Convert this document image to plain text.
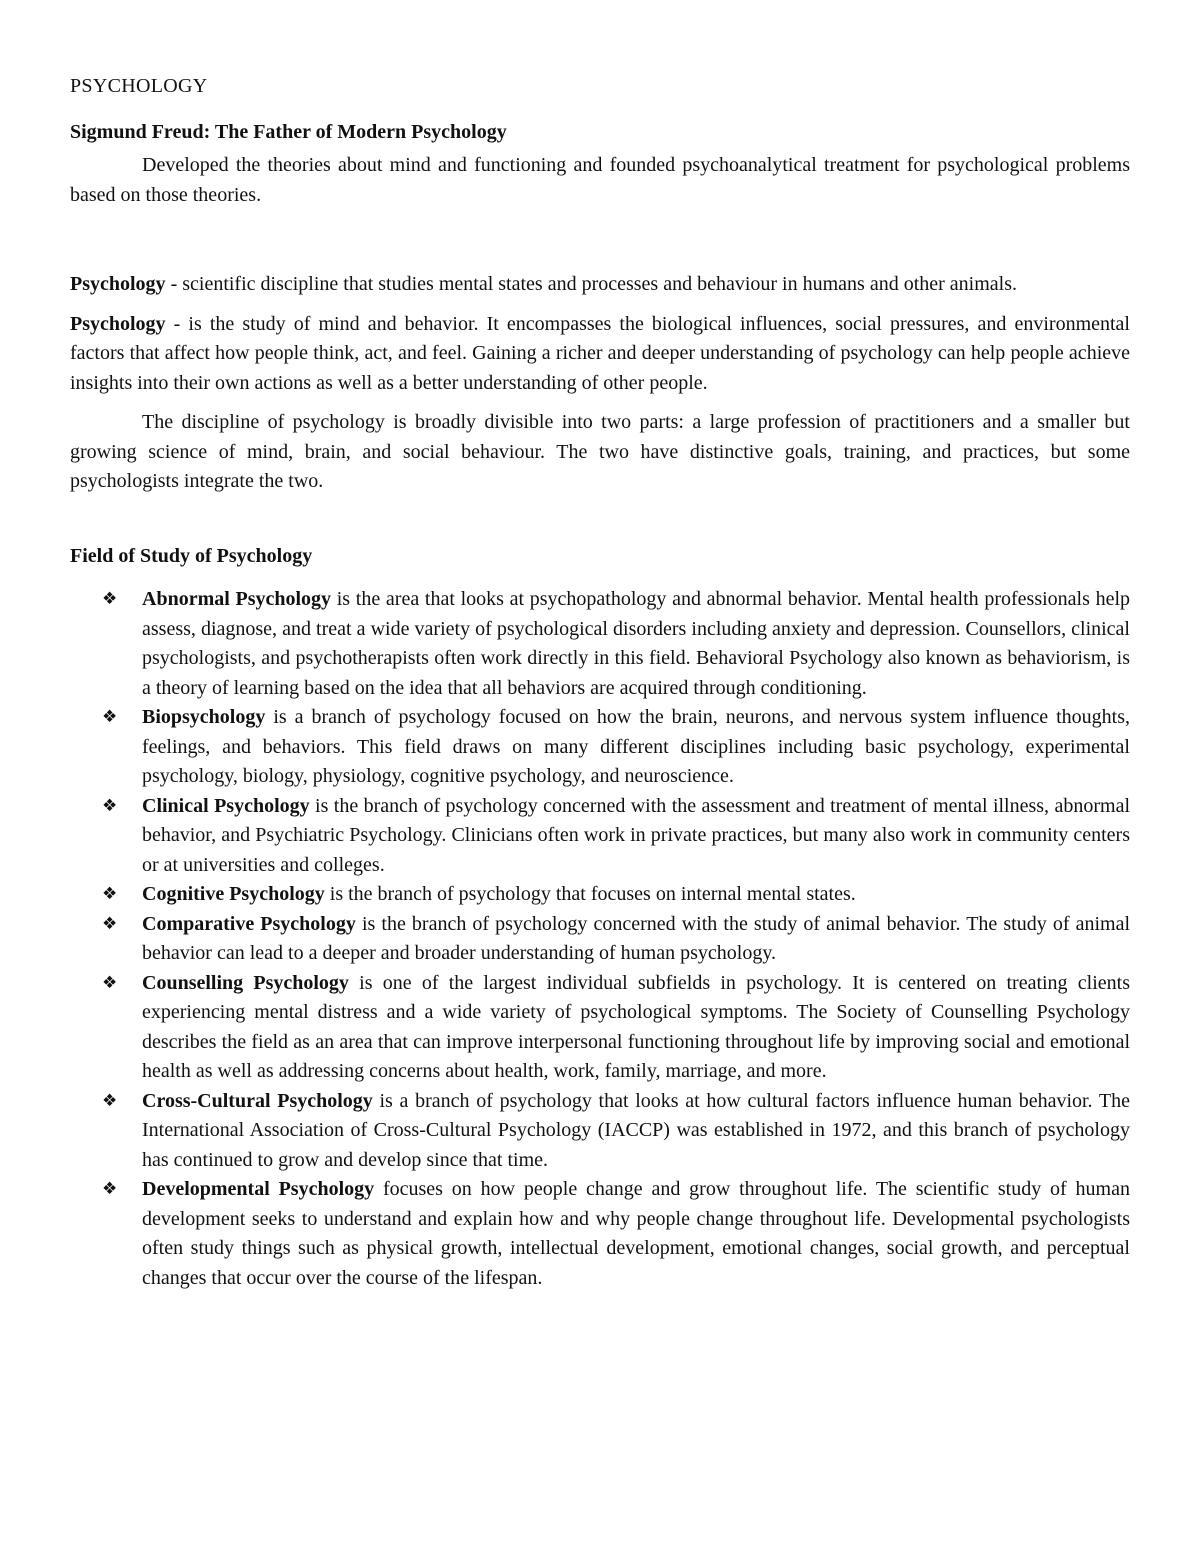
PSYCHOLOGY
Sigmund Freud: The Father of Modern Psychology

Developed the theories about mind and functioning and founded psychoanalytical treatment for psychological problems based on those theories.

Psychology - scientific discipline that studies mental states and processes and behaviour in humans and other animals.

Psychology - is the study of mind and behavior. It encompasses the biological influences, social pressures, and environmental factors that affect how people think, act, and feel. Gaining a richer and deeper understanding of psychology can help people achieve insights into their own actions as well as a better understanding of other people.

The discipline of psychology is broadly divisible into two parts: a large profession of practitioners and a smaller but growing science of mind, brain, and social behaviour. The two have distinctive goals, training, and practices, but some psychologists integrate the two.

Field of Study of Psychology
❖ Abnormal Psychology is the area that looks at psychopathology and abnormal behavior. Mental health professionals help assess, diagnose, and treat a wide variety of psychological disorders including anxiety and depression. Counsellors, clinical psychologists, and psychotherapists often work directly in this field. Behavioral Psychology also known as behaviorism, is a theory of learning based on the idea that all behaviors are acquired through conditioning.
❖ Biopsychology is a branch of psychology focused on how the brain, neurons, and nervous system influence thoughts, feelings, and behaviors. This field draws on many different disciplines including basic psychology, experimental psychology, biology, physiology, cognitive psychology, and neuroscience.
❖ Clinical Psychology is the branch of psychology concerned with the assessment and treatment of mental illness, abnormal behavior, and Psychiatric Psychology. Clinicians often work in private practices, but many also work in community centers or at universities and colleges.
❖ Cognitive Psychology is the branch of psychology that focuses on internal mental states.
❖ Comparative Psychology is the branch of psychology concerned with the study of animal behavior. The study of animal behavior can lead to a deeper and broader understanding of human psychology.
❖ Counselling Psychology is one of the largest individual subfields in psychology. It is centered on treating clients experiencing mental distress and a wide variety of psychological symptoms. The Society of Counselling Psychology describes the field as an area that can improve interpersonal functioning throughout life by improving social and emotional health as well as addressing concerns about health, work, family, marriage, and more.
❖ Cross-Cultural Psychology is a branch of psychology that looks at how cultural factors influence human behavior. The International Association of Cross-Cultural Psychology (IACCP) was established in 1972, and this branch of psychology has continued to grow and develop since that time.
❖ Developmental Psychology focuses on how people change and grow throughout life. The scientific study of human development seeks to understand and explain how and why people change throughout life. Developmental psychologists often study things such as physical growth, intellectual development, emotional changes, social growth, and perceptual changes that occur over the course of the lifespan.
